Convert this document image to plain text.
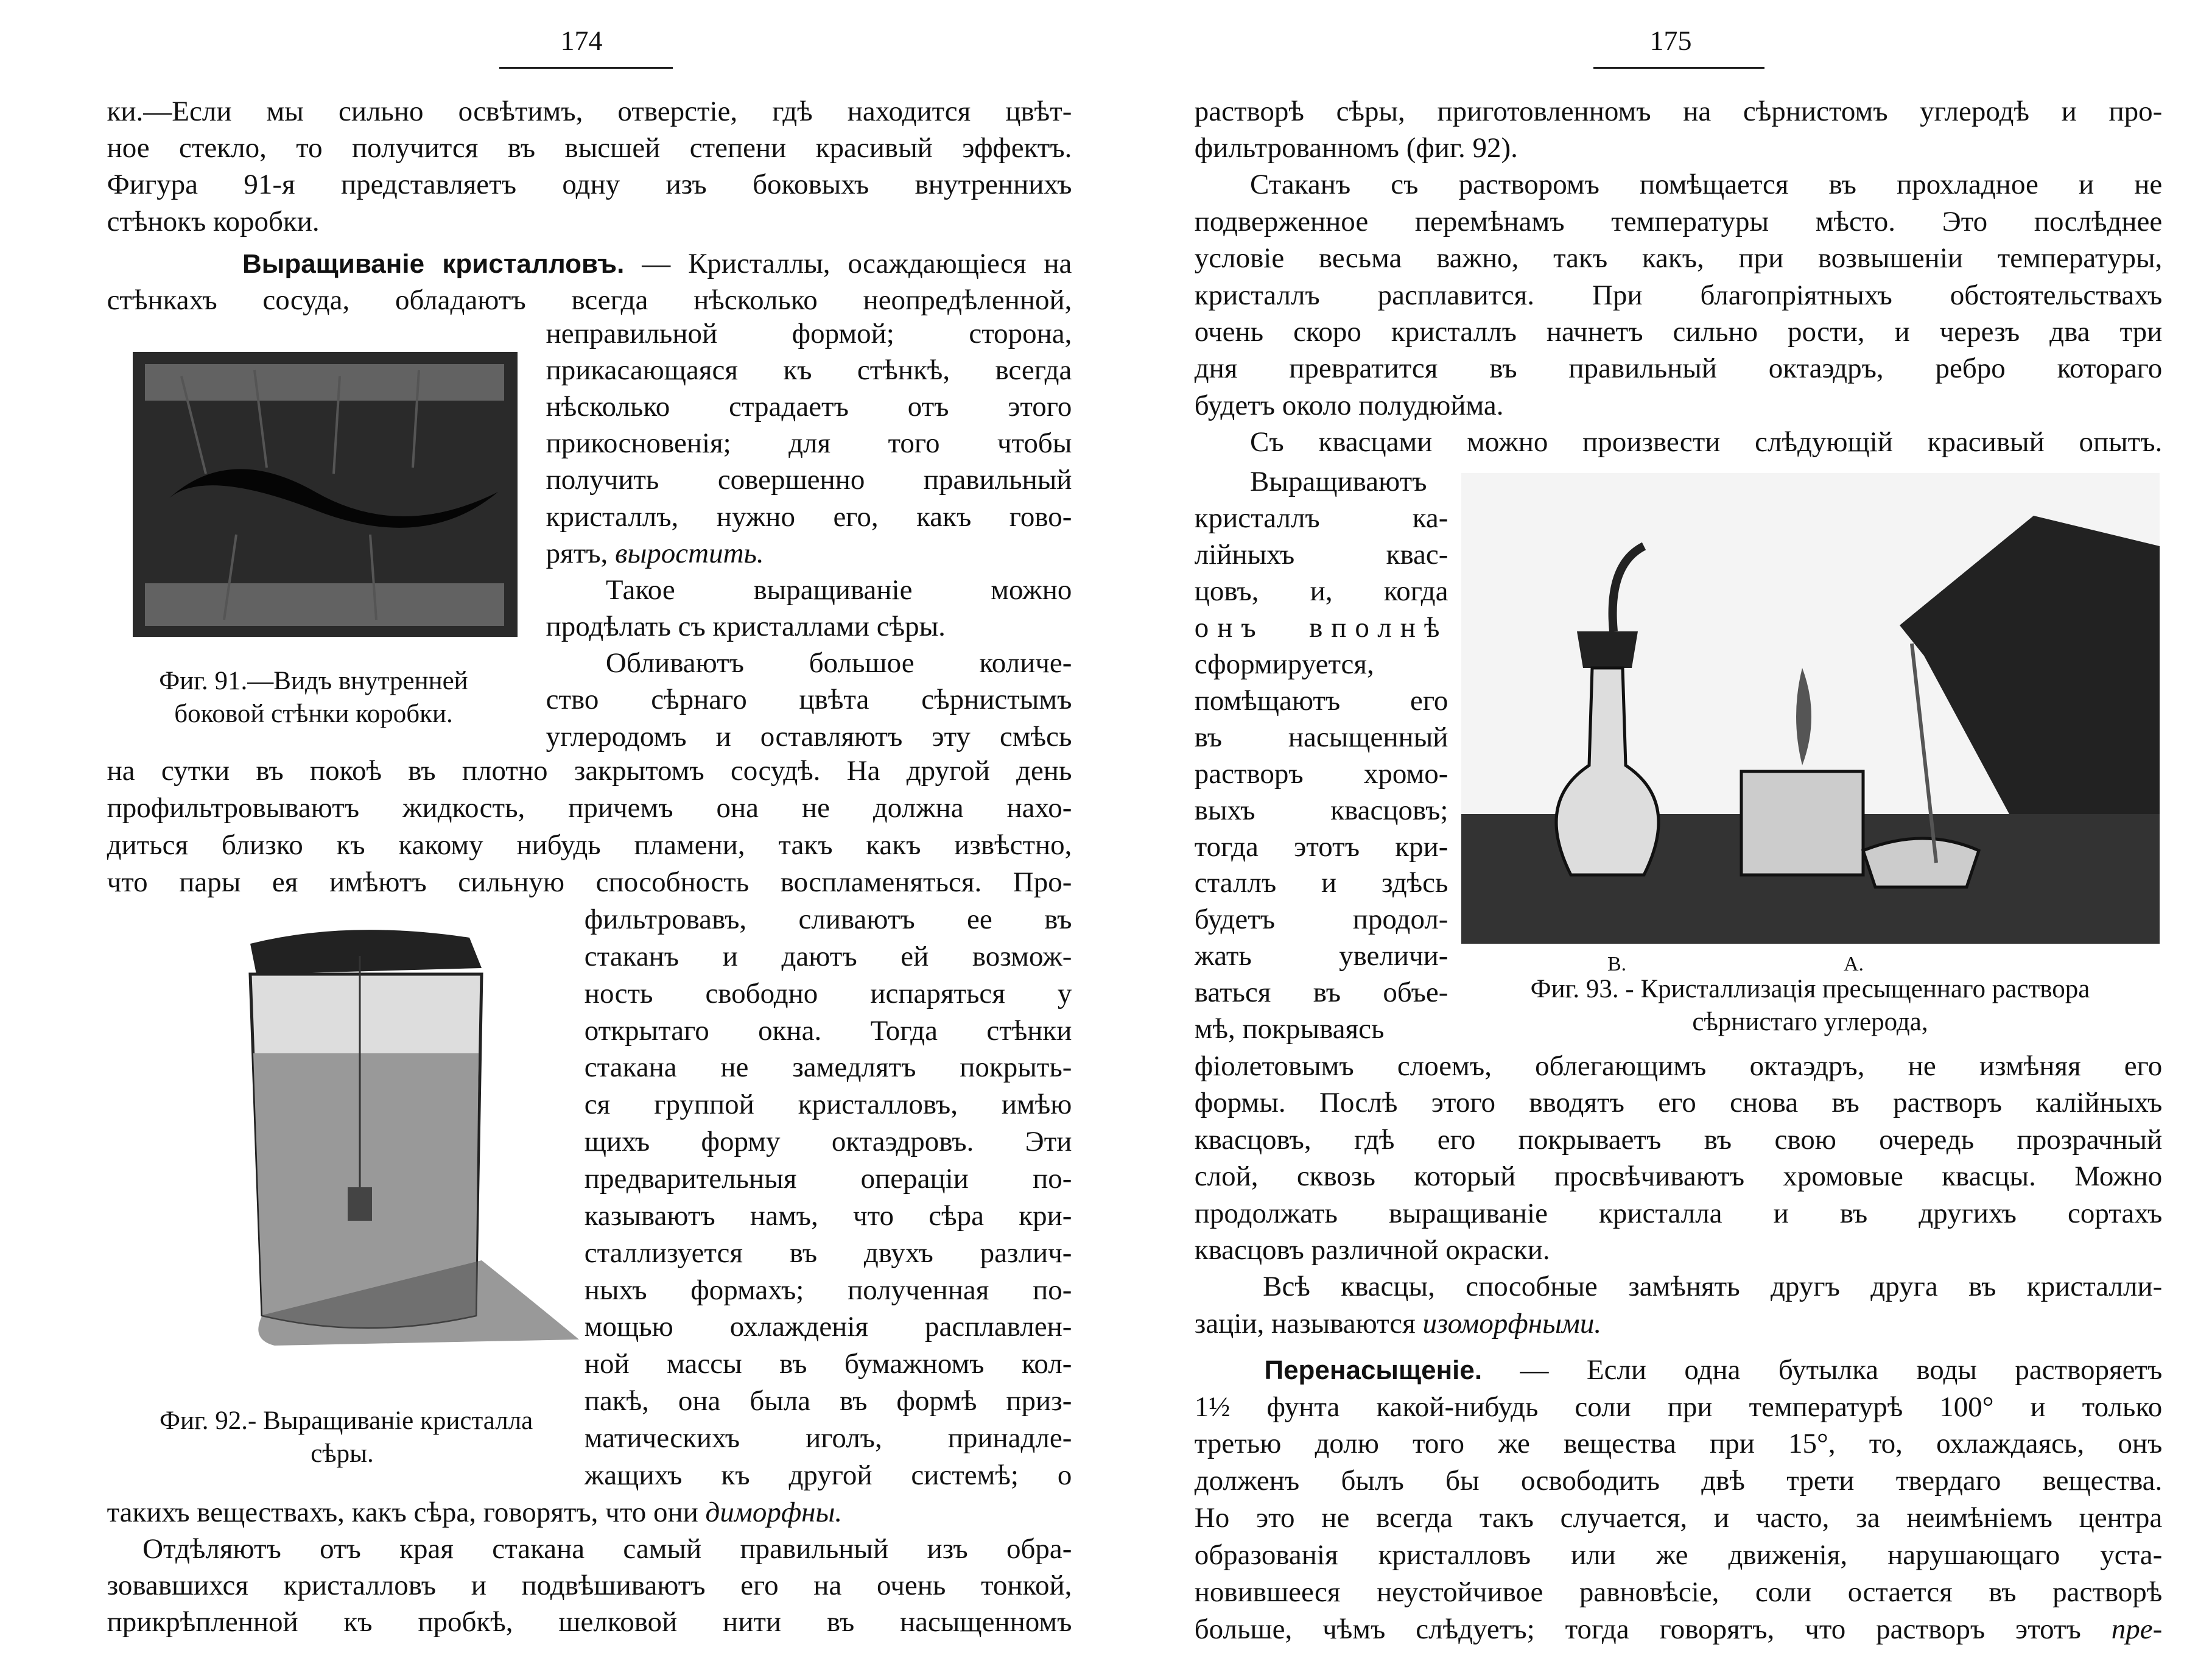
174
Фиг. 91.—Видъ внутренней
боковой стѣнки коробки.
Фиг. 92.- Выращиваніе кристалла
сѣры.
175
В.	А.
Фиг. 93. - Кристаллизація пресыщеннаго раствора
сѣрнистаго углерода,
ки.—Если мы сильно освѣтимъ, отверстіе, гдѣ находится цвѣт-
ное стекло, то получится въ высшей степени красивый эффектъ.
Фигура 91-я представляетъ одну изъ боковыхъ внутреннихъ
стѣнокъ коробки.
Выращиваніе кристалловъ. — Кристаллы, осаждающіеся на
стѣнкахъ сосуда, обладаютъ всегда нѣсколько неопредѣленной,
неправильной формой; сторона,
прикасающаяся къ стѣнкѣ, всегда
нѣсколько страдаетъ отъ этого
прикосновенія; для того чтобы
получить совершенно правильный
кристаллъ, нужно его, какъ гово-
рятъ, выростить.
Такое выращиваніе можно
продѣлать съ кристаллами сѣры.
Обливаютъ большое количе-
ство сѣрнаго цвѣта сѣрнистымъ
углеродомъ и оставляютъ эту смѣсь
на сутки въ покоѣ въ плотно закрытомъ сосудѣ. На другой день
профильтровываютъ жидкость, причемъ она не должна нахо-
диться близко къ какому нибудь пламени, такъ какъ извѣстно,
что пары ея имѣютъ сильную способность воспламеняться. Про-
фильтровавъ, сливаютъ ее въ
стаканъ и даютъ ей возмож-
ность свободно испаряться у
открытаго окна. Тогда стѣнки
стакана не замедлятъ покрыть-
ся группой кристалловъ, имѣю
щихъ форму октаэдровъ. Эти
предварительныя операціи по-
казываютъ намъ, что сѣра кри-
сталлизуется въ двухъ различ-
ныхъ формахъ; полученная по-
мощью охлажденія расплавлен-
ной массы въ бумажномъ кол-
пакѣ, она была въ формѣ приз-
матическихъ иголъ, принадле-
жащихъ къ другой системѣ; о
такихъ веществахъ, какъ сѣра, говорятъ, что они диморфны.
Отдѣляютъ отъ края стакана самый правильный изъ обра-
зовавшихся кристалловъ и подвѣшиваютъ его на очень тонкой,
прикрѣпленной къ пробкѣ, шелковой нити въ насыщенномъ
растворѣ сѣры, приготовленномъ на сѣрнистомъ углеродѣ и про-
фильтрованномъ (фиг. 92).
Стаканъ съ растворомъ помѣщается въ прохладное и не
подверженное перемѣнамъ температуры мѣсто. Это послѣднее
условіе весьма важно, такъ какъ, при возвышеніи температуры,
кристаллъ расплавится. При благопріятныхъ обстоятельствахъ
очень скоро кристаллъ начнетъ сильно рости, и черезъ два три
дня превратится въ правильный октаэдръ, ребро котораго
будетъ около полудюйма.
Съ квасцами можно произвести слѣдующій красивый опытъ.
Выращиваютъ
кристаллъ ка-
лійныхъ квас-
цовъ, и, когда
онъ вполнѣ
сформируется,
помѣщаютъ его
въ насыщенный
растворъ хромо-
выхъ квасцовъ;
тогда этотъ кри-
сталлъ и здѣсь
будетъ продол-
жать увеличи-
ваться въ объе-
мѣ, покрываясь
фіолетовымъ слоемъ, облегающимъ октаэдръ, не измѣняя его
формы. Послѣ этого вводятъ его снова въ растворъ калійныхъ
квасцовъ, гдѣ его покрываетъ въ свою очередь прозрачный
слой, сквозь который просвѣчиваютъ хромовые квасцы. Можно
продолжать выращиваніе кристалла и въ другихъ сортахъ
квасцовъ различной окраски.
Всѣ квасцы, способные замѣнять другъ друга въ кристалли-
заціи, называются изоморфными.
Перенасыщеніе. — Если одна бутылка воды растворяетъ
1½ фунта какой-нибудь соли при температурѣ 100° и только
третью долю того же вещества при 15°, то, охлаждаясь, онъ
долженъ былъ бы освободить двѣ трети твердаго вещества.
Но это не всегда такъ случается, и часто, за неимѣніемъ центра
образованія кристалловъ или же движенія, нарушающаго уста-
новившееся неустойчивое равновѣсіе, соли остается въ растворѣ
больше, чѣмъ слѣдуетъ; тогда говорятъ, что растворъ этотъ пре-
